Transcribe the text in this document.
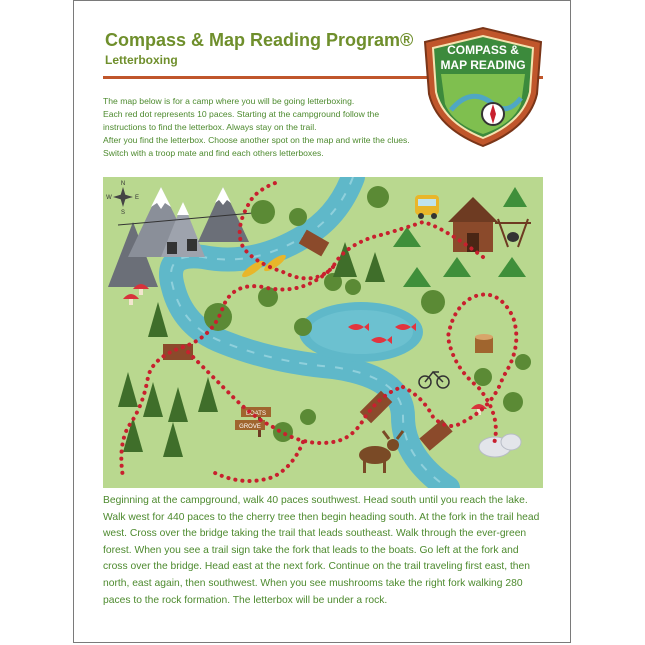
Compass & Map Reading Program®
Letterboxing
COMPASS &
MAP READING

The map below is for a camp where you will be going letterboxing.

Each red dot represents 10 paces. Starting at the campground follow the

instructions to find the letterbox. Always stay on the trail.

After you find the letterbox. Choose another spot on the map and write the clues.

Switch with a troop mate and find each others letterboxes.

N
S
E
W
BOATS
GROVE
Beginning at the campground, walk 40 paces southwest. Head south until you reach the lake. Walk west for 440 paces to the cherry tree then begin heading south. At the fork in the trail head west. Cross over the bridge taking the trail that leads southeast. Walk through the ever-green forest. When you see a trail sign take the fork that leads to the boats. Go left at the fork and cross over the bridge. Head east at the next fork. Continue on the trail traveling first east, then north, east again, then southwest. When you see mushrooms take the right fork walking 280 paces to the rock formation. The letterbox will be under a rock.
